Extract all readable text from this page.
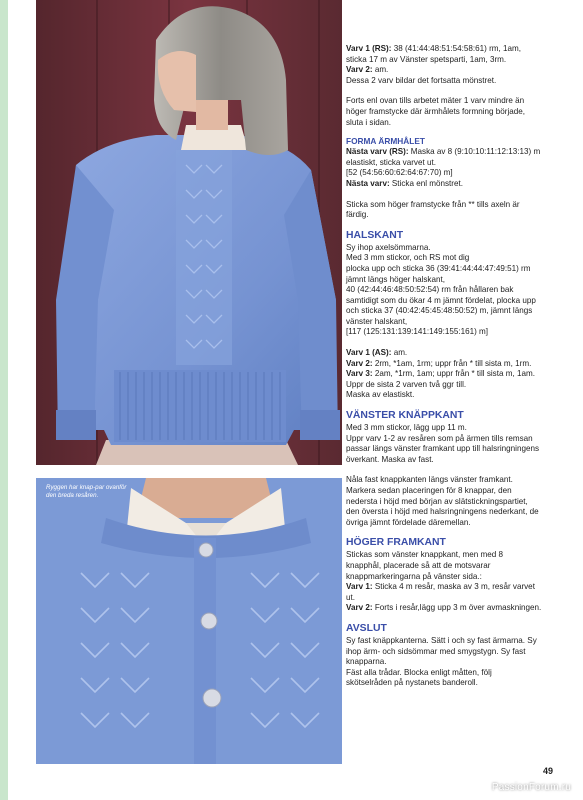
Ryggen har knap-par ovanför den breda resåren.

Varv 1 (RS): 38 (41:44:48:51:54:58:61) rm, 1am,
sticka 17 m av Vänster spetsparti, 1am, 3rm.
Varv 2: am.
Dessa 2 varv bildar det fortsatta mönstret.

Forts enl ovan tills arbetet mäter 1 varv mindre än
höger framstycke där ärmhålets formning började,
sluta i sidan.

FORMA ÄRMHÅLET

Nästa varv (RS): Maska av 8 (9:10:10:11:12:13:13) m
elastiskt, sticka varvet ut.
[52 (54:56:60:62:64:67:70) m]
Nästa varv: Sticka enl mönstret.

Sticka som höger framstycke från ** tills axeln är
färdig.

HALSKANT

Sy ihop axelsömmarna.
Med 3 mm stickor, och RS mot dig
plocka upp och sticka 36 (39:41:44:44:47:49:51) rm
jämnt längs höger halskant,
40 (42:44:46:48:50:52:54) rm från hållaren bak
samtidigt som du ökar 4 m jämnt fördelat, plocka upp
och sticka 37 (40:42:45:45:48:50:52) m, jämnt längs
vänster halskant,
[117 (125:131:139:141:149:155:161) m]

Varv 1 (AS): am.
Varv 2: 2rm, *1am, 1rm; uppr från * till sista m, 1rm.
Varv 3: 2am, *1rm, 1am; uppr från * till sista m, 1am.
Uppr de sista 2 varven två ggr till.
Maska av elastiskt.

VÄNSTER KNÄPPKANT

Med 3 mm stickor, lägg upp 11 m.
Uppr varv 1-2 av resåren som på ärmen tills remsan
passar längs vänster framkant upp till halsringningens
överkant. Maska av fast.

Nåla fast knappkanten längs vänster framkant.
Markera sedan placeringen för 8 knappar, den
nedersta i höjd med början av slätstickningspartiet,
den översta i höjd med halsringningens nederkant, de
övriga jämnt fördelade däremellan.

HÖGER FRAMKANT

Stickas som vänster knappkant, men med 8
knapphål, placerade så att de motsvarar
knappmarkeringarna på vänster sida.:
Varv 1: Sticka 4 m resår, maska av 3 m, resår varvet
ut.
Varv 2: Forts i resår,lägg upp 3 m över avmaskningen.

AVSLUT

Sy fast knäppkanterna. Sätt i och sy fast ärmarna. Sy
ihop ärm- och sidsömmar med smygstygn. Sy fast
knapparna.
Fäst alla trådar. Blocka enligt måtten, följ
skötselråden på nystanets banderoll.

49
PassionForum.ru
